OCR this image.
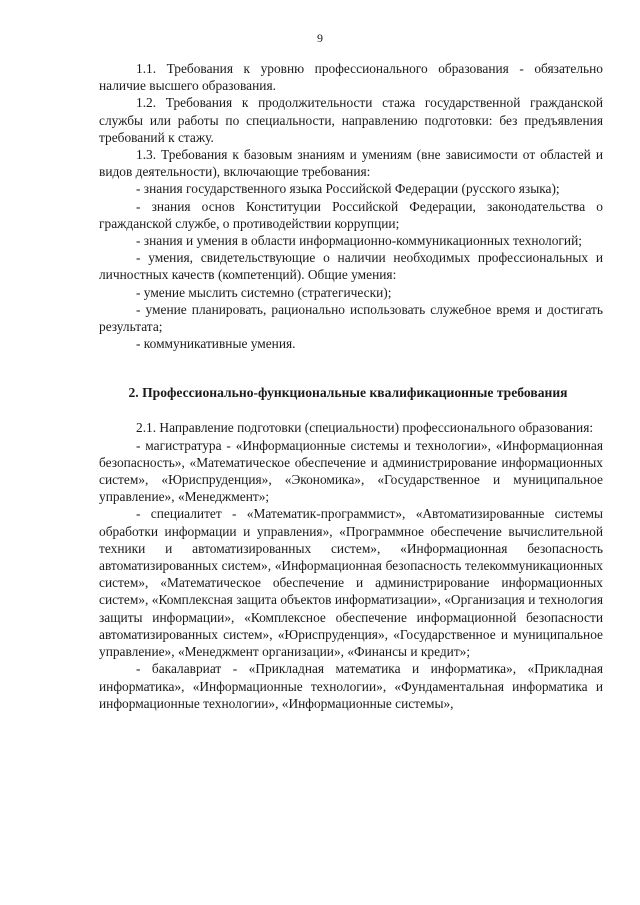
9

1.1. Требования к уровню профессионального образования - обязательно наличие высшего образования.

1.2. Требования к продолжительности стажа государственной гражданской службы или работы по специальности, направлению подготовки: без предъявления требований к стажу.

1.3. Требования к базовым знаниям и умениям (вне зависимости от областей и видов деятельности), включающие требования:

- знания государственного языка Российской Федерации (русского языка);

- знания основ Конституции Российской Федерации, законодательства о гражданской службе, о противодействии коррупции;

- знания и умения в области информационно-коммуникационных технологий;

- умения, свидетельствующие о наличии необходимых профессиональных и личностных качеств (компетенций). Общие умения:

- умение мыслить системно (стратегически);

- умение планировать, рационально использовать служебное время и достигать результата;

- коммуникативные умения.

2. Профессионально-функциональные квалификационные требования

2.1. Направление подготовки (специальности) профессионального образования:

- магистратура - «Информационные системы и технологии», «Информационная безопасность», «Математическое обеспечение и администрирование информационных систем», «Юриспруденция», «Экономика», «Государственное и муниципальное управление», «Менеджмент»;

- специалитет - «Математик-программист», «Автоматизированные системы обработки информации и управления», «Программное обеспечение вычислительной техники и автоматизированных систем», «Информационная безопасность автоматизированных систем», «Информационная безопасность телекоммуникационных систем», «Математическое обеспечение и администрирование информационных систем», «Комплексная защита объектов информатизации», «Организация и технология защиты информации», «Комплексное обеспечение информационной безопасности автоматизированных систем», «Юриспруденция», «Государственное и муниципальное управление», «Менеджмент организации», «Финансы и кредит»;

- бакалавриат - «Прикладная математика и информатика», «Прикладная информатика», «Информационные технологии», «Фундаментальная информатика и информационные технологии», «Информационные системы»,
